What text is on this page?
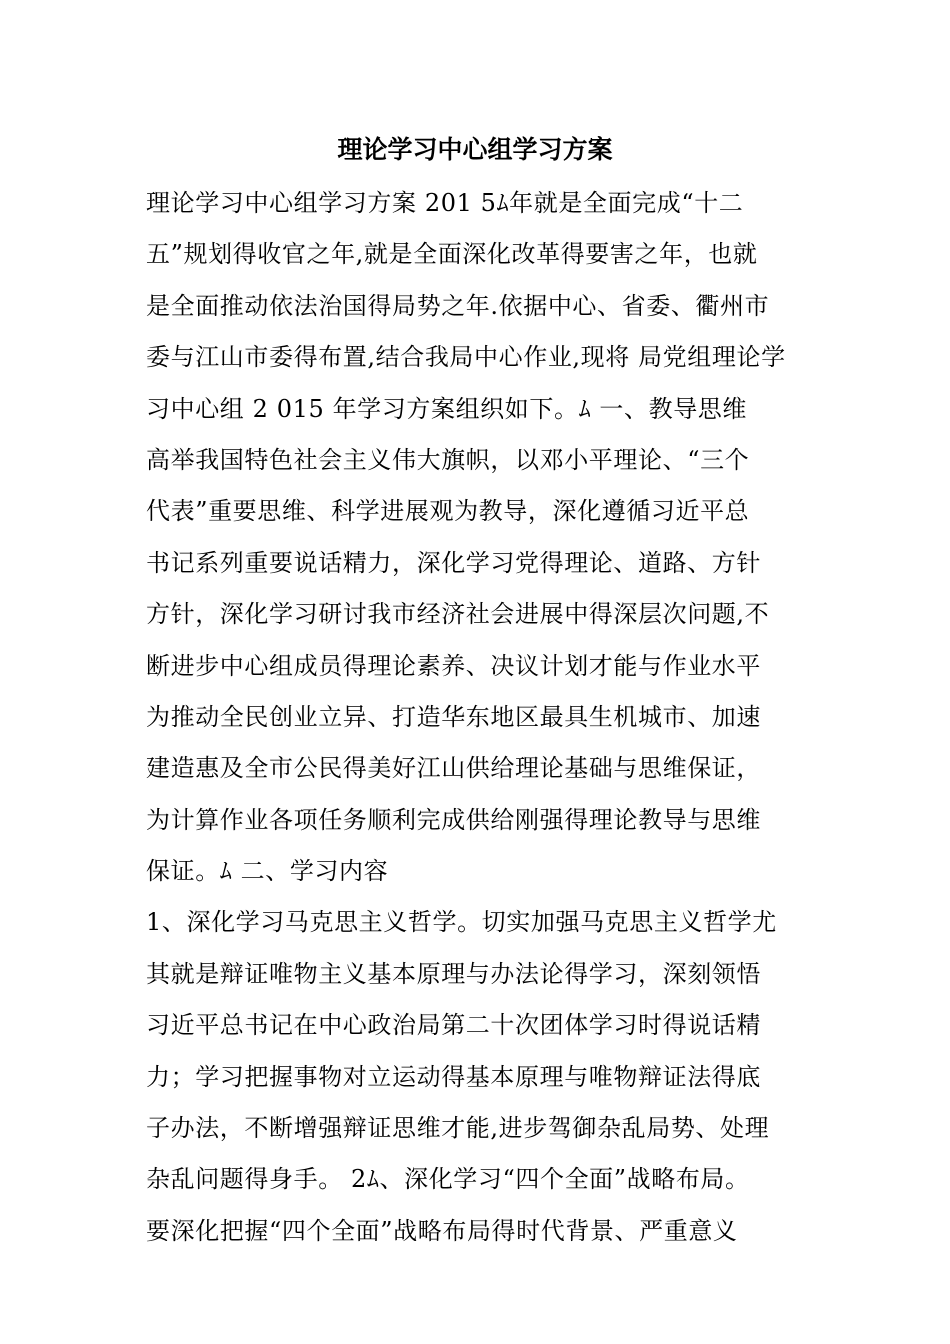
理论学习中心组学习方案
理论学习中心组学习方案 201 5ﾑ年就是全面完成“十二
五”规划得收官之年,就是全面深化改革得要害之年，也就
是全面推动依法治国得局势之年.依据中心、省委、衢州市
委与江山市委得布置,结合我局中心作业,现将 局党组理论学
习中心组 2 015 年学习方案组织如下。ﾑ 一、教导思维
高举我国特色社会主义伟大旗帜，以邓小平理论、“三个
代表”重要思维、科学进展观为教导，深化遵循习近平总
书记系列重要说话精力，深化学习党得理论、道路、方针
方针，深化学习研讨我市经济社会进展中得深层次问题,不
断进步中心组成员得理论素养、决议计划才能与作业水平
为推动全民创业立异、打造华东地区最具生机城市、加速
建造惠及全市公民得美好江山供给理论基础与思维保证，
为计算作业各项任务顺利完成供给刚强得理论教导与思维
保证。ﾑ 二、学习内容
1、深化学习马克思主义哲学。切实加强马克思主义哲学尤
其就是辩证唯物主义基本原理与办法论得学习，深刻领悟
习近平总书记在中心政治局第二十次团体学习时得说话精
力；学习把握事物对立运动得基本原理与唯物辩证法得底
子办法，不断增强辩证思维才能,进步驾御杂乱局势、处理
杂乱问题得身手。 2ﾑ、深化学习“四个全面”战略布局。
要深化把握“四个全面”战略布局得时代背景、严重意义
